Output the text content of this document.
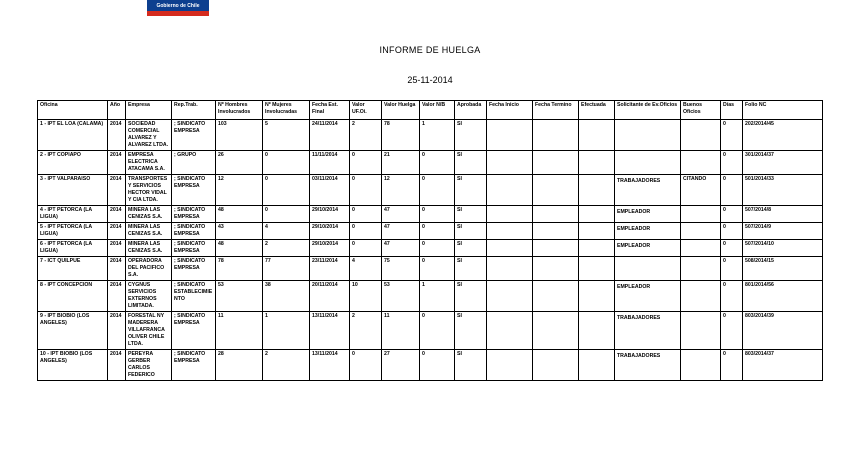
Gobierno de Chile
INFORME DE HUELGA
25-11-2014
Oficina	Año	Empresa	Rep.Trab.	Nº Hombres Involucrados	Nº Mujeres Involucradas	Fecha Est. Final	Valor UF.Oi.	Valor Huelga	Valor N/B	Aprobada	Fecha Inicio	Fecha Termino	Efectuada	Solicitante de Ev.Oficios	Buenos Oficios	Días	Folio NC
1 - IPT EL LOA (CALAMA)	2014	SOCIEDAD COMERCIAL ALVAREZ Y ALVAREZ LTDA.	; SINDICATO EMPRESA	103	5	24/11/2014	2	78	1	SI						0	202/2014/45
2 - IPT COPIAPO	2014	EMPRESA ELECTRICA ATACAMA S.A.	; GRUPO	26	0	11/11/2014	0	21	0	SI						0	301/2014/37
3 - IPT VALPARAISO	2014	TRANSPORTES Y SERVICIOS HECTOR VIDAL Y CIA LTDA.	; SINDICATO EMPRESA	12	0	03/11/2014	0	12	0	SI				TRABAJADORES	CITANDO	0	501/2014/33
4 - IPT PETORCA (LA LIGUA)	2014	MINERA LAS CENIZAS S.A.	; SINDICATO EMPRESA	48	0	29/10/2014	0	47	0	SI				EMPLEADOR		0	507/2014/8
5 - IPT PETORCA (LA LIGUA)	2014	MINERA LAS CENIZAS S.A.	; SINDICATO EMPRESA	43	4	29/10/2014	0	47	0	SI				EMPLEADOR		0	507/2014/9
6 - IPT PETORCA (LA LIGUA)	2014	MINERA LAS CENIZAS S.A.	; SINDICATO EMPRESA	48	2	29/10/2014	0	47	0	SI				EMPLEADOR		0	507/2014/10
7 - ICT QUILPUE	2014	OPERADORA DEL PACIFICO S.A.	; SINDICATO EMPRESA	78	77	23/11/2014	4	75	0	SI						0	508/2014/15
8 - IPT CONCEPCION	2014	CYGNUS SERVICIOS EXTERNOS LIMITADA.	; SINDICATO ESTABLECIMIENTO	53	38	20/11/2014	10	53	1	SI				EMPLEADOR		0	801/2014/56
9 - IPT BIOBIO (LOS ANGELES)	2014	FORESTAL NY MADERERA VILLAFRANCA OLIVER CHILE LTDA.	; SINDICATO EMPRESA	11	1	13/11/2014	2	11	0	SI				TRABAJADORES		0	803/2014/39
10 - IPT BIOBIO (LOS ANGELES)	2014	PEREYRA GERBER CARLOS FEDERICO	; SINDICATO EMPRESA	28	2	13/11/2014	0	27	0	SI				TRABAJADORES		0	803/2014/37
